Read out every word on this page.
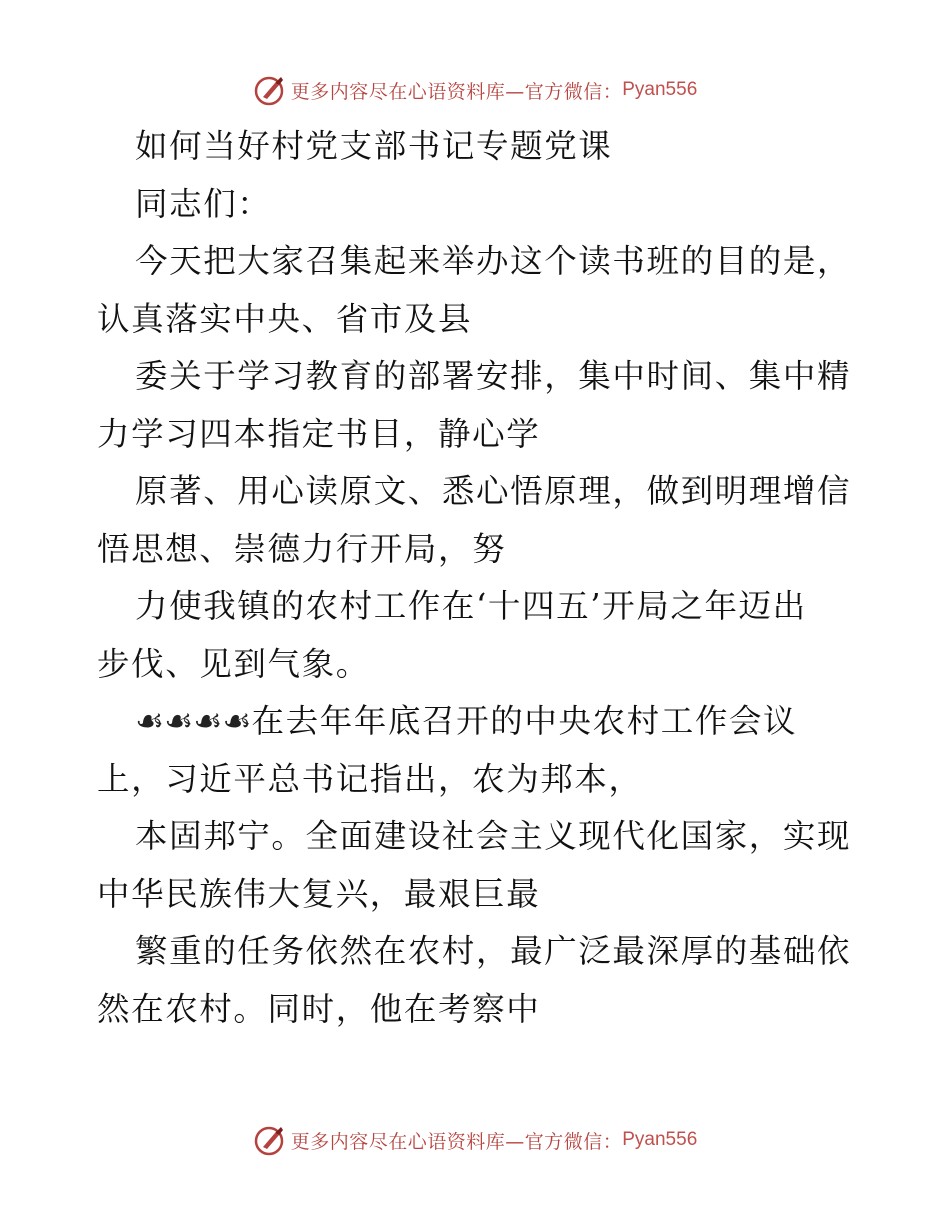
更多内容尽在心语资料库—官方微信： Pyan556
如何当好村党支部书记专题党课
同志们：
今天把大家召集起来举办这个读书班的目的是，
认真落实中央、省市及县
委关于学习教育的部署安排，集中时间、集中精
力学习四本指定书目，静心学
原著、用心读原文、悉心悟原理，做到明理增信
悟思想、崇德力行开局，努
力使我镇的农村工作在‘十四五’开局之年迈出
步伐、见到气象。
☙☙☙☙在去年年底召开的中央农村工作会议
上，习近平总书记指出，农为邦本，
本固邦宁。全面建设社会主义现代化国家，实现
中华民族伟大复兴，最艰巨最
繁重的任务依然在农村，最广泛最深厚的基础依
然在农村。同时，他在考察中
更多内容尽在心语资料库—官方微信： Pyan556
